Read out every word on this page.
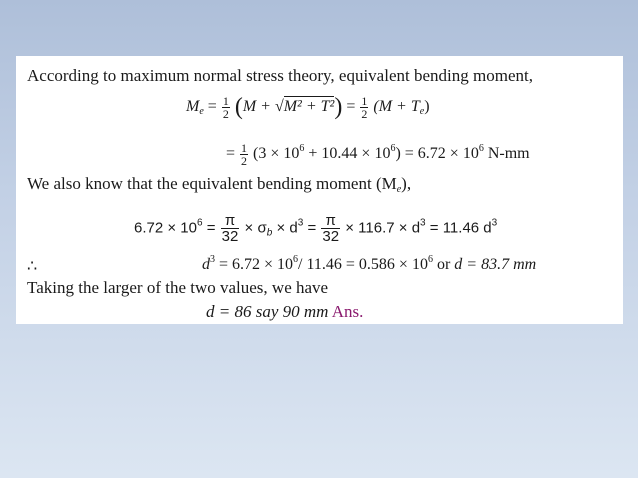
According to maximum normal stress theory, equivalent bending moment,
$M_e = \frac{1}{2} (M + √M^2 + T^2) = \frac{1}{2} (M + T_e)$
= $\frac{1}{2} (3 \times 10^6 + 10.44 \times 10^6) = 6.72 \times 10^6$ N-mm
We also know that the equivalent bending moment $(M_e)$,
$6.72 \times 10^6 = \frac{\pi}{32} \times \sigma_b \times d^3 = \frac{\pi}{32} \times 116.7 \times d^3 = 11.46$ $d^3$
∴	$d^3 = 6.72 \times 10^6/$ $11.46 = 0.586 \times 10^6$ or d = 83.7 mm
Taking the larger of the two values, we have
d = 86 say 90 mm Ans.
